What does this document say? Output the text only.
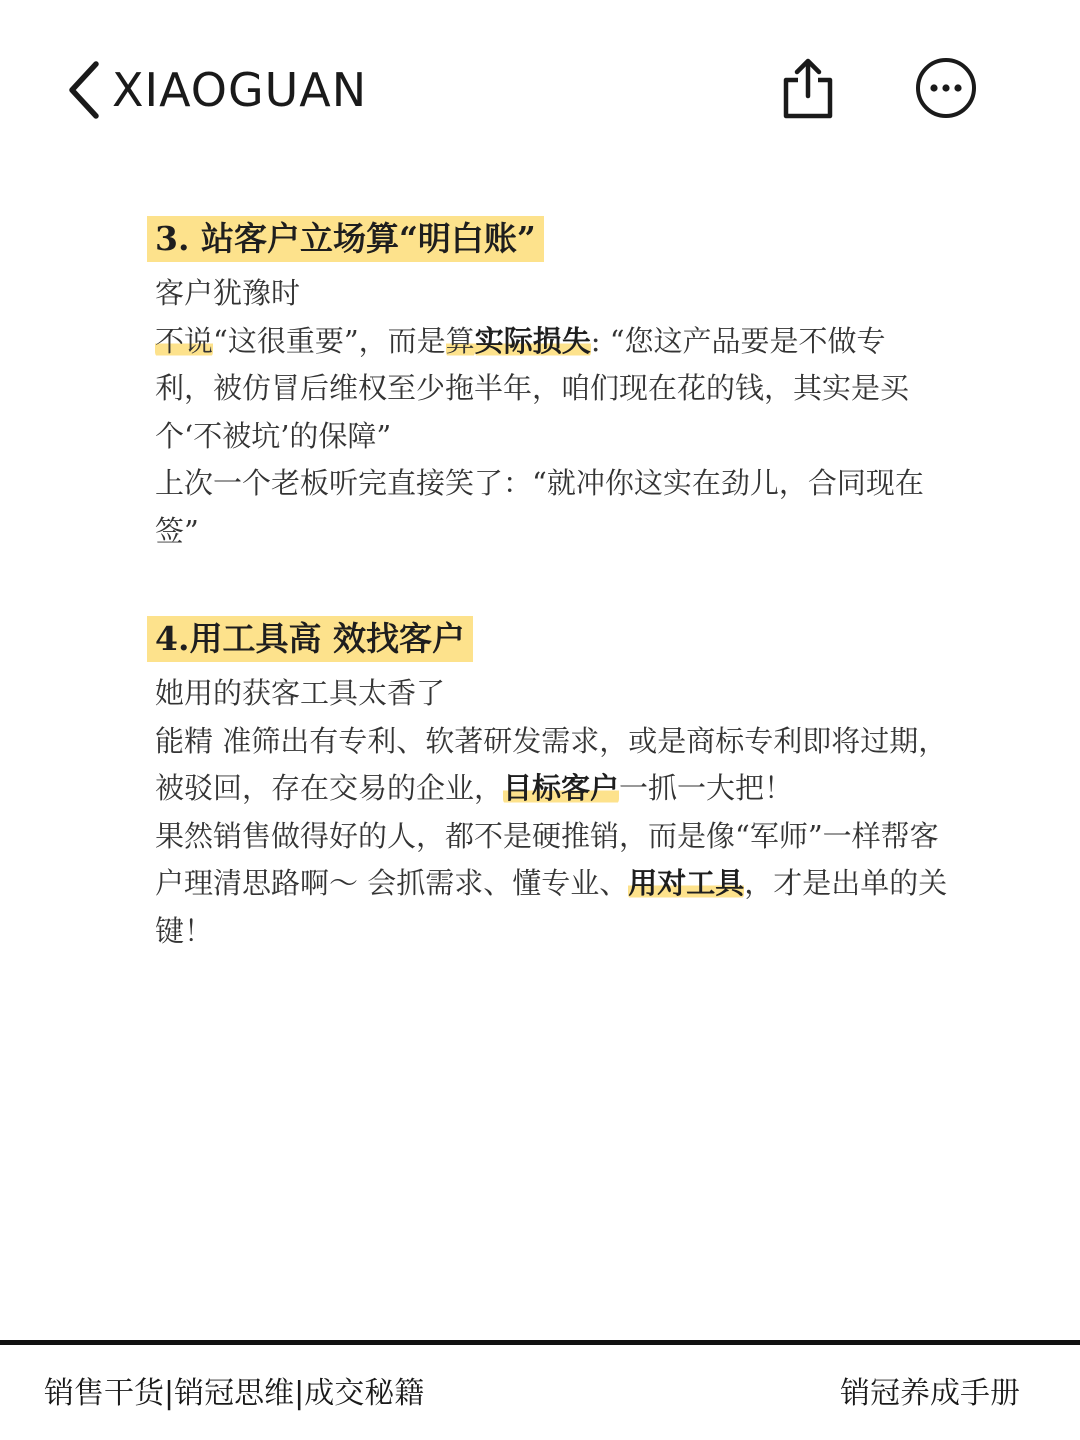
XIAOGUAN
3. 站客户立场算“明白账”
客户犹豫时
不说“这很重要”，而是算实际损失: “您这产品要是不做专
利，被仿冒后维权至少拖半年，咱们现在花的钱，其实是买
个‘不被坑’的保障”
上次一个老板听完直接笑了：“就冲你这实在劲儿，合同现在
签”
4.用工具高 效找客户
她用的获客工具太香了
能精 准筛出有专利、软著研发需求，或是商标专利即将过期，
被驳回，存在交易的企业，目标客户一抓一大把！
果然销售做得好的人，都不是硬推销，而是像“军师”一样帮客
户理清思路啊～ 会抓需求、懂专业、用对工具，才是出单的关
键！
销售干货|销冠思维|成交秘籍	销冠养成手册
